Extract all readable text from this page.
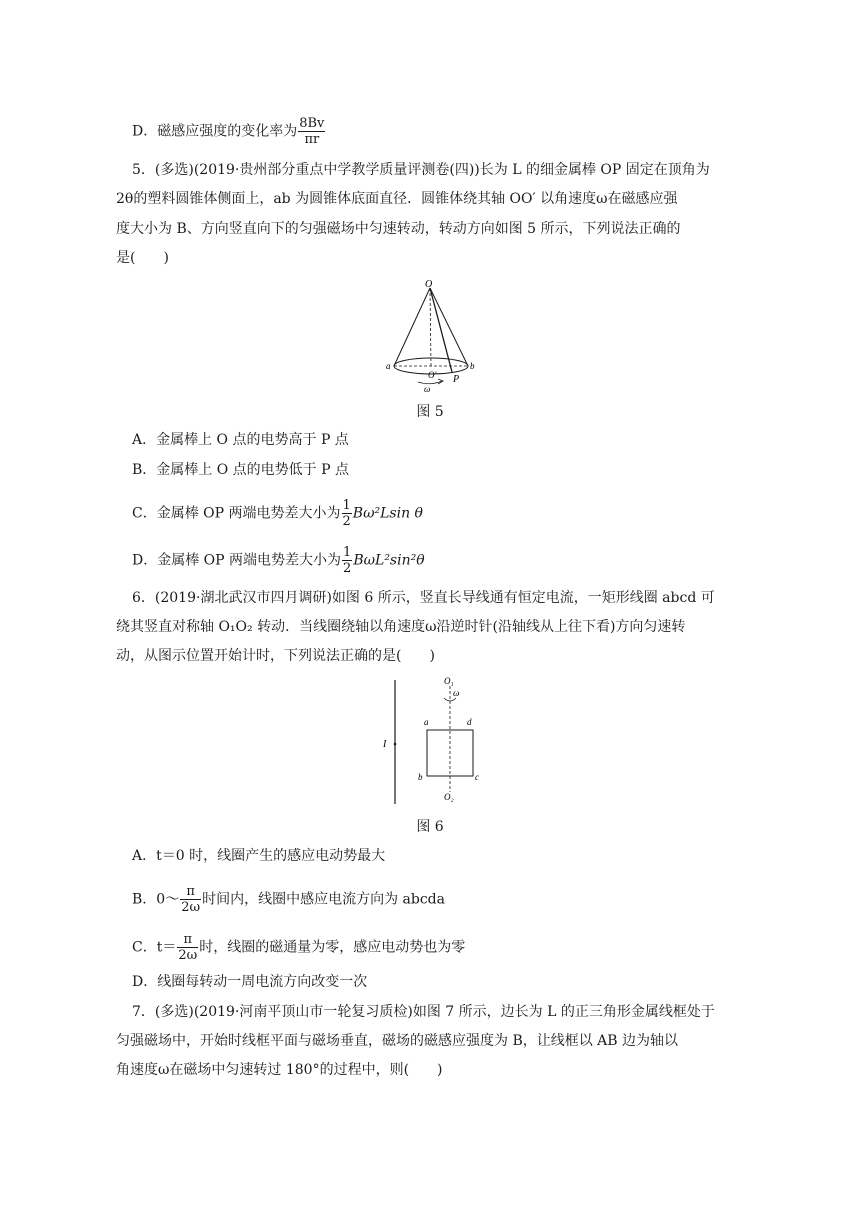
D．磁感应强度的变化率为 $\frac{8Bv}{\pi r}$
5．(多选)(2019·贵州部分重点中学教学质量评测卷(四))长为 L 的细金属棒 OP 固定在顶角为
2θ的塑料圆锥体侧面上，ab 为圆锥体底面直径．圆锥体绕其轴 OO′ 以角速度ω在磁感应强
度大小为 B、方向竖直向下的匀强磁场中匀速转动，转动方向如图 5 所示，下列说法正确的
是(　　)
O
O′
a	b
P
ω
图 5
A．金属棒上 O 点的电势高于 P 点
B．金属棒上 O 点的电势低于 P 点
C．金属棒 OP 两端电势差大小为 $\frac{1}{2} B\omega^2Lsin$ θ
D．金属棒 OP 两端电势差大小为 $\frac{1}{2} B\omega L^2\sin^2\theta$
6．(2019·湖北武汉市四月调研)如图 6 所示，竖直长导线通有恒定电流，一矩形线圈 abcd 可
绕其竖直对称轴 O₁O₂ 转动．当线圈绕轴以角速度ω沿逆时针(沿轴线从上往下看)方向匀速转
动，从图示位置开始计时，下列说法正确的是(　　)
I
O₁
ω
a	d
b	c
O₂
图 6
A．t＝0 时，线圈产生的感应电动势最大
B．0～ $\frac{\pi}{2\omega}$ 时间内，线圈中感应电流方向为 abcda
C．$t= \frac{\pi}{2\omega}$ 时，线圈的磁通量为零，感应电动势也为零
D．线圈每转动一周电流方向改变一次
7．(多选)(2019·河南平顶山市一轮复习质检)如图 7 所示，边长为 L 的正三角形金属线框处于
匀强磁场中，开始时线框平面与磁场垂直，磁场的磁感应强度为 B，让线框以 AB 边为轴以
角速度ω在磁场中匀速转过 180°的过程中，则(　　)
